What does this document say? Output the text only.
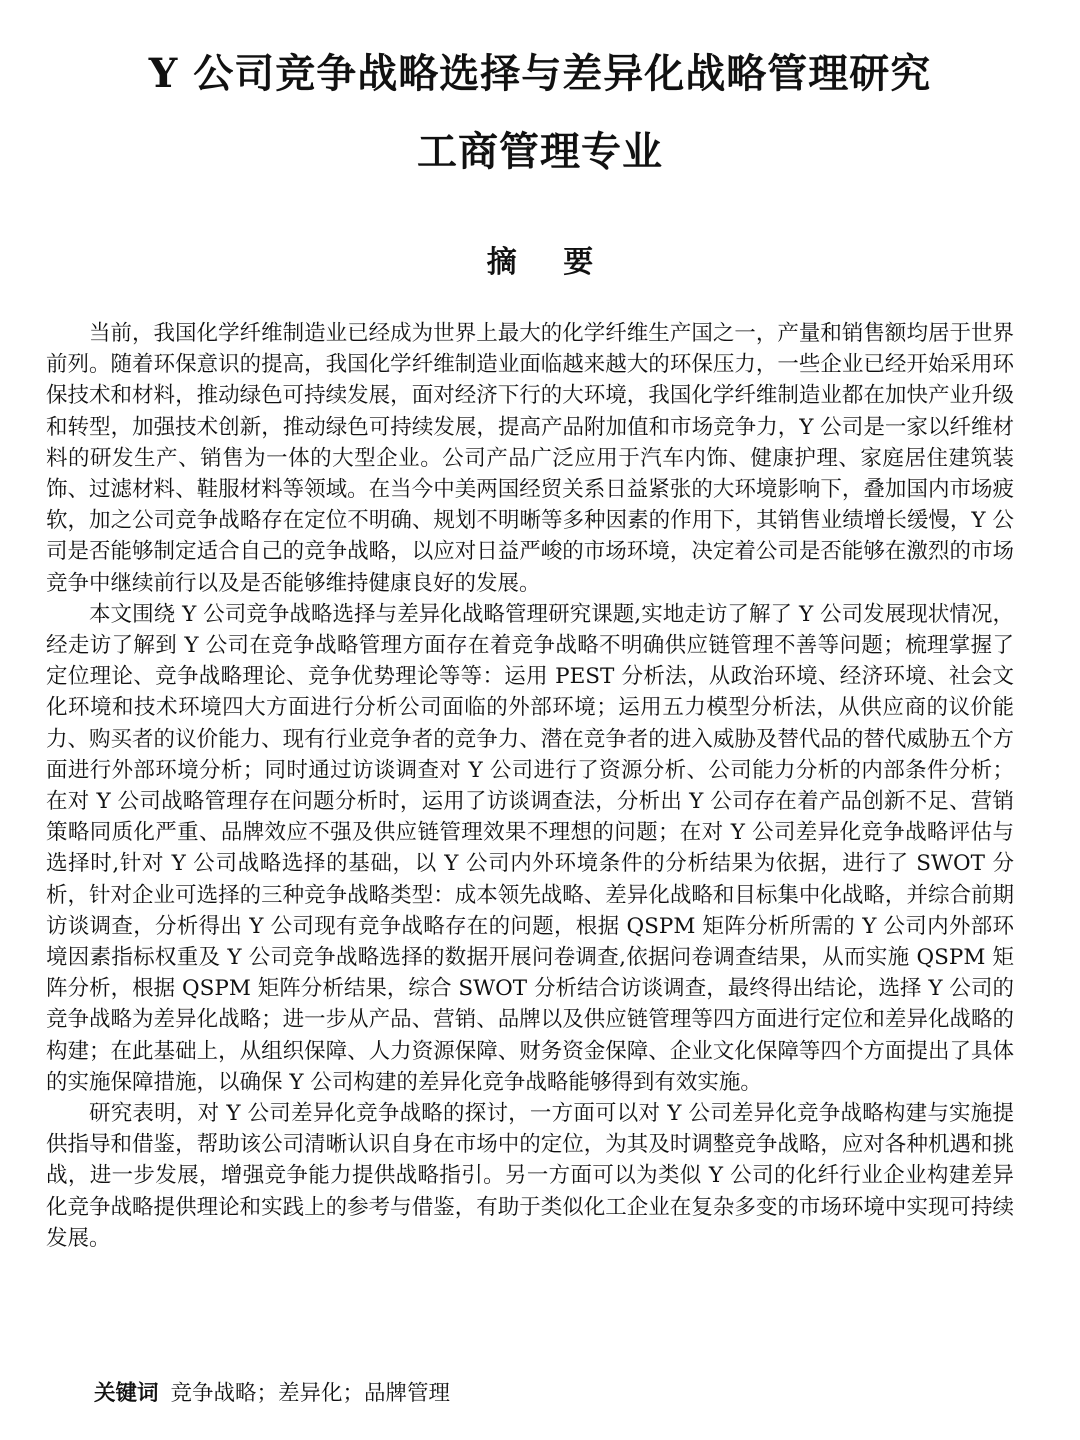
Y 公司竞争战略选择与差异化战略管理研究
工商管理专业
摘 要

当前，我国化学纤维制造业已经成为世界上最大的化学纤维生产国之一，产量和销售额均居于世界前列。随着环保意识的提高，我国化学纤维制造业面临越来越大的环保压力，一些企业已经开始采用环保技术和材料，推动绿色可持续发展，面对经济下行的大环境，我国化学纤维制造业都在加快产业升级和转型，加强技术创新，推动绿色可持续发展，提高产品附加值和市场竞争力，Y 公司是一家以纤维材料的研发生产、销售为一体的大型企业。公司产品广泛应用于汽车内饰、健康护理、家庭居住建筑装饰、过滤材料、鞋服材料等领域。在当今中美两国经贸关系日益紧张的大环境影响下，叠加国内市场疲软，加之公司竞争战略存在定位不明确、规划不明晰等多种因素的作用下，其销售业绩增长缓慢，Y 公司是否能够制定适合自己的竞争战略，以应对日益严峻的市场环境，决定着公司是否能够在激烈的市场竞争中继续前行以及是否能够维持健康良好的发展。

本文围绕 Y 公司竞争战略选择与差异化战略管理研究课题,实地走访了解了 Y 公司发展现状情况，经走访了解到 Y 公司在竞争战略管理方面存在着竞争战略不明确供应链管理不善等问题；梳理掌握了定位理论、竞争战略理论、竞争优势理论等等：运用 PEST 分析法，从政治环境、经济环境、社会文化环境和技术环境四大方面进行分析公司面临的外部环境；运用五力模型分析法，从供应商的议价能力、购买者的议价能力、现有行业竞争者的竞争力、潜在竞争者的进入威胁及替代品的替代威胁五个方面进行外部环境分析；同时通过访谈调查对 Y 公司进行了资源分析、公司能力分析的内部条件分析；在对 Y 公司战略管理存在问题分析时，运用了访谈调查法，分析出 Y 公司存在着产品创新不足、营销策略同质化严重、品牌效应不强及供应链管理效果不理想的问题；在对 Y 公司差异化竞争战略评估与选择时,针对 Y 公司战略选择的基础，以 Y 公司内外环境条件的分析结果为依据，进行了 SWOT 分析，针对企业可选择的三种竞争战略类型：成本领先战略、差异化战略和目标集中化战略，并综合前期访谈调查，分析得出 Y 公司现有竞争战略存在的问题，根据 QSPM 矩阵分析所需的 Y 公司内外部环境因素指标权重及 Y 公司竞争战略选择的数据开展问卷调查,依据问卷调查结果，从而实施 QSPM 矩阵分析，根据 QSPM 矩阵分析结果，综合 SWOT 分析结合访谈调查，最终得出结论，选择 Y 公司的竞争战略为差异化战略；进一步从产品、营销、品牌以及供应链管理等四方面进行定位和差异化战略的构建；在此基础上，从组织保障、人力资源保障、财务资金保障、企业文化保障等四个方面提出了具体的实施保障措施，以确保 Y 公司构建的差异化竞争战略能够得到有效实施。

研究表明，对 Y 公司差异化竞争战略的探讨，一方面可以对 Y 公司差异化竞争战略构建与实施提供指导和借鉴，帮助该公司清晰认识自身在市场中的定位，为其及时调整竞争战略，应对各种机遇和挑战，进一步发展，增强竞争能力提供战略指引。另一方面可以为类似 Y 公司的化纤行业企业构建差异化竞争战略提供理论和实践上的参考与借鉴，有助于类似化工企业在复杂多变的市场环境中实现可持续发展。

关键词 竞争战略；差异化；品牌管理
